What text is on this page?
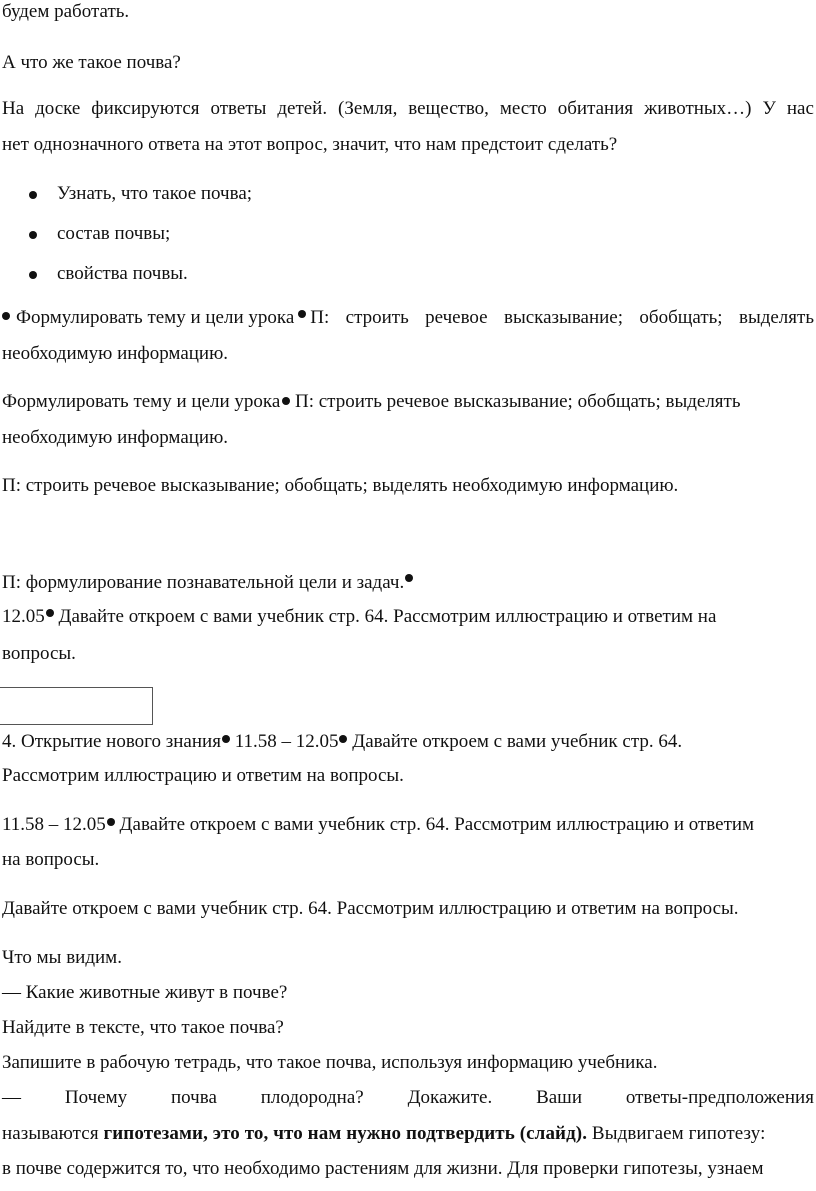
будем работать.
А что же такое почва?
На доске фиксируются ответы детей. (Земля, вещество, место обитания животных…) У нас
нет однозначного ответа на этот вопрос, значит, что нам предстоит сделать?
Узнать, что такое почва;
состав почвы;
свойства почвы.
Формулировать тему и цели урока П: строить речевое высказывание; обобщать; выделять
необходимую информацию.
Формулировать тему и цели урока П: строить речевое высказывание; обобщать; выделять
необходимую информацию.
П: строить речевое высказывание; обобщать; выделять необходимую информацию.
П: формулирование познавательной цели и задач.
12.05 Давайте откроем с вами учебник стр. 64. Рассмотрим иллюстрацию и ответим на
вопросы.
4. Открытие нового знания 11.58 – 12.05 Давайте откроем с вами учебник стр. 64.
Рассмотрим иллюстрацию и ответим на вопросы.
11.58 – 12.05 Давайте откроем с вами учебник стр. 64. Рассмотрим иллюстрацию и ответим
на вопросы.
Давайте откроем с вами учебник стр. 64. Рассмотрим иллюстрацию и ответим на вопросы.
Что мы видим.
— Какие животные живут в почве?
Найдите в тексте, что такое почва?
Запишите в рабочую тетрадь, что такое почва, используя информацию учебника.
— Почему почва плодородна? Докажите. Ваши ответы-предположения
называются гипотезами, это то, что нам нужно подтвердить (слайд). Выдвигаем гипотезу:
в почве содержится то, что необходимо растениям для жизни. Для проверки гипотезы, узнаем
